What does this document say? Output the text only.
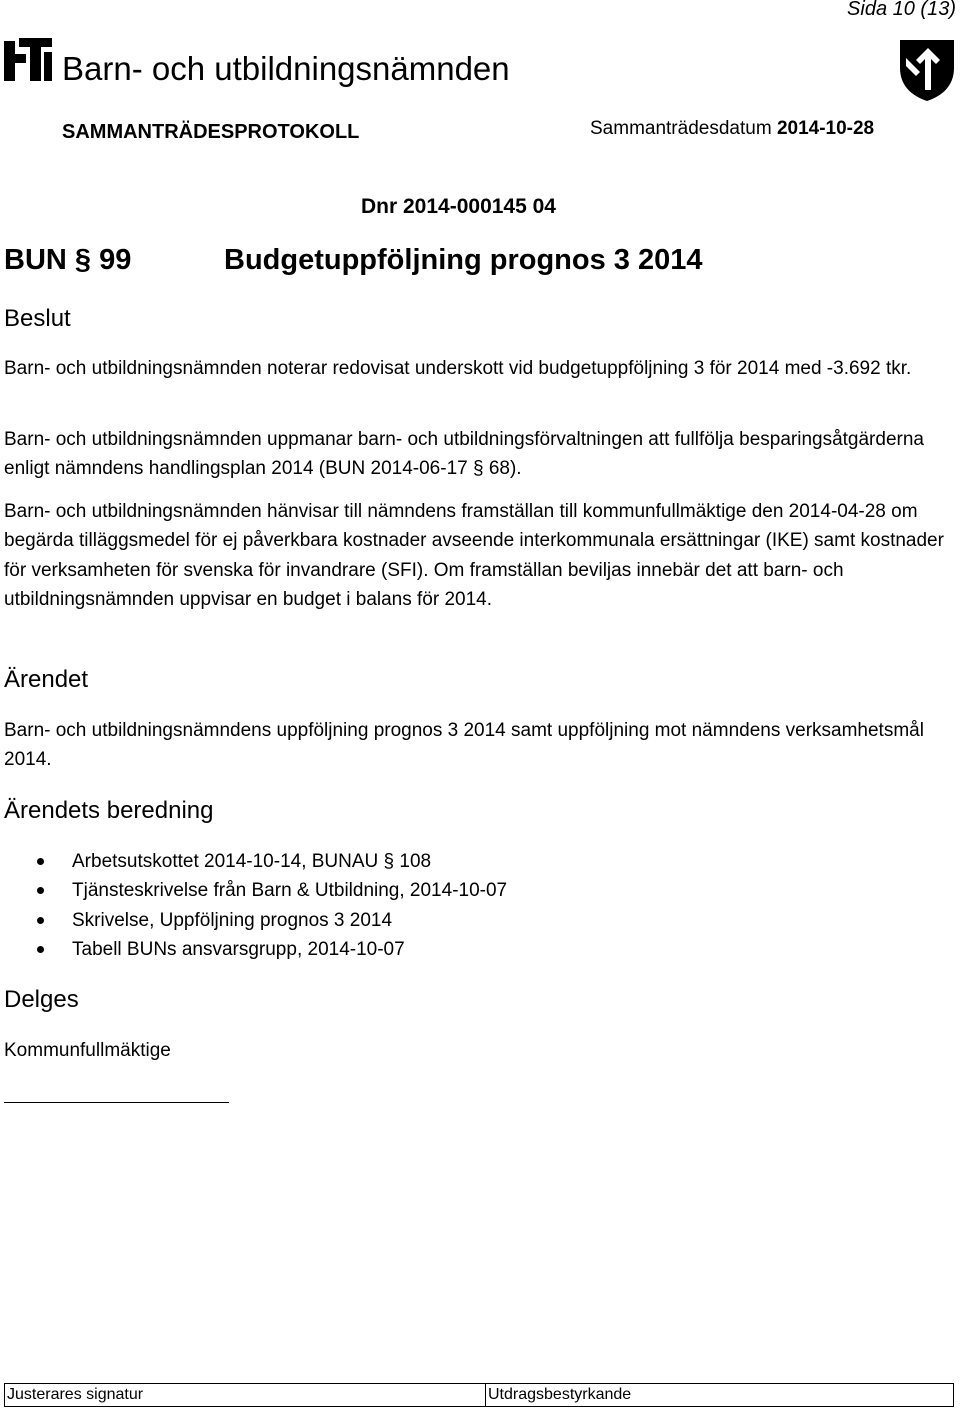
Sida 10 (13)
Barn- och utbildningsnämnden
SAMMANTRÄDESPROTOKOLL	Sammanträdesdatum 2014-10-28
Dnr 2014-000145 04
BUN § 99	Budgetuppföljning prognos 3 2014
Beslut

Barn- och utbildningsnämnden noterar redovisat underskott vid budgetuppföljning 3 för 2014 med -3.692 tkr.

Barn- och utbildningsnämnden uppmanar barn- och utbildningsförvaltningen att fullfölja besparingsåtgärderna enligt nämndens handlingsplan 2014 (BUN 2014-06-17 § 68).

Barn- och utbildningsnämnden hänvisar till nämndens framställan till kommunfullmäktige den 2014-04-28 om begärda tilläggsmedel för ej påverkbara kostnader avseende interkommunala ersättningar (IKE) samt kostnader för verksamheten för svenska för invandrare (SFI). Om framställan beviljas innebär det att barn- och utbildningsnämnden uppvisar en budget i balans för 2014.

Ärendet

Barn- och utbildningsnämndens uppföljning prognos 3 2014 samt uppföljning mot nämndens verksamhetsmål 2014.

Ärendets beredning
Arbetsutskottet 2014-10-14, BUNAU § 108
Tjänsteskrivelse från Barn & Utbildning, 2014-10-07
Skrivelse, Uppföljning prognos 3 2014
Tabell BUNs ansvarsgrupp, 2014-10-07
Delges

Kommunfullmäktige

Justerares signatur	Utdragsbestyrkande
